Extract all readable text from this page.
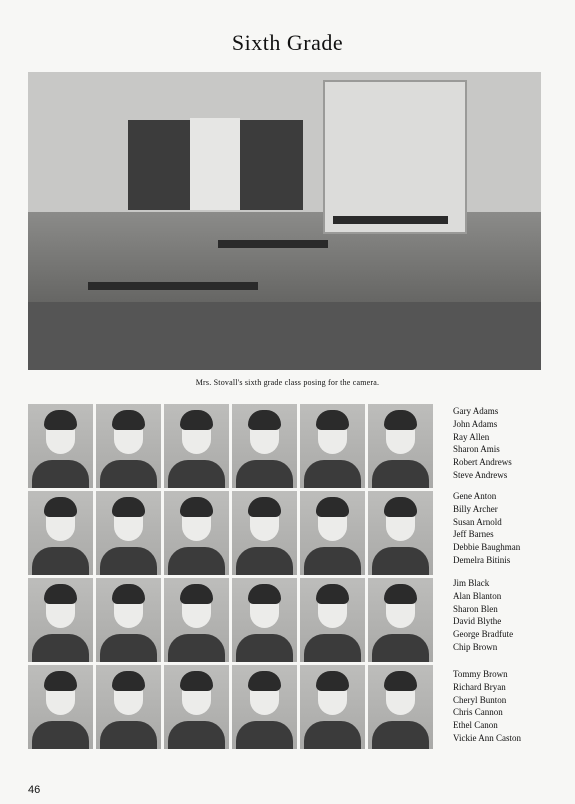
Sixth Grade
Mrs. Stovall's sixth grade class posing for the camera.
Gary Adams
John Adams
Ray Allen
Sharon Amis
Robert Andrews
Steve Andrews
Gene Anton
Billy Archer
Susan Arnold
Jeff Barnes
Debbie Baughman
Demelra Bitinis
Jim Black
Alan Blanton
Sharon Blen
David Blythe
George Bradfute
Chip Brown
Tommy Brown
Richard Bryan
Cheryl Bunton
Chris Cannon
Ethel Canon
Vickie Ann Caston
46
